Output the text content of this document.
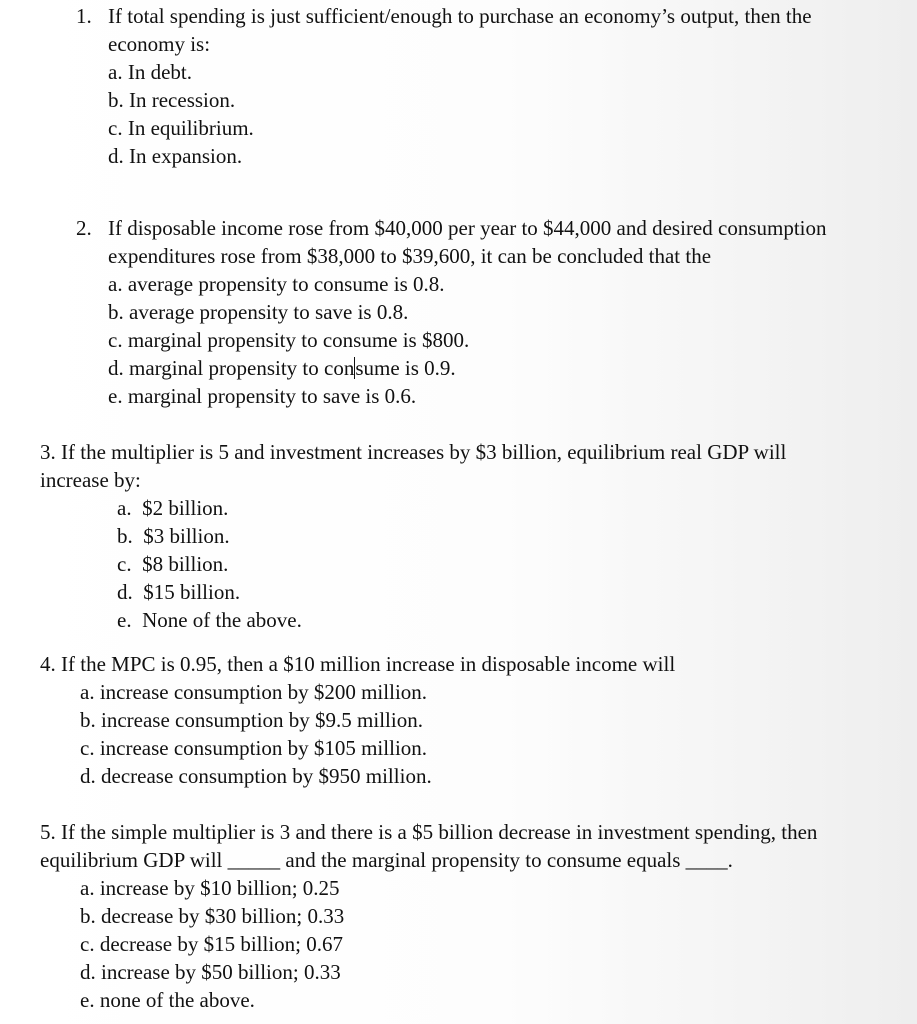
1. If total spending is just sufficient/enough to purchase an economy’s output, then the
economy is:
a. In debt.
b. In recession.
c. In equilibrium.
d. In expansion.
2. If disposable income rose from $40,000 per year to $44,000 and desired consumption
expenditures rose from $38,000 to $39,600, it can be concluded that the
a. average propensity to consume is 0.8.
b. average propensity to save is 0.8.
c. marginal propensity to consume is $800.
d. marginal propensity to consume is 0.9.
e. marginal propensity to save is 0.6.
3. If the multiplier is 5 and investment increases by $3 billion, equilibrium real GDP will
increase by:
a.  $2 billion.
b.  $3 billion.
c.  $8 billion.
d.  $15 billion.
e.  None of the above.
4. If the MPC is 0.95, then a $10 million increase in disposable income will
a. increase consumption by $200 million.
b. increase consumption by $9.5 million.
c. increase consumption by $105 million.
d. decrease consumption by $950 million.
5. If the simple multiplier is 3 and there is a $5 billion decrease in investment spending, then
equilibrium GDP will _____ and the marginal propensity to consume equals ____.
a. increase by $10 billion; 0.25
b. decrease by $30 billion; 0.33
c. decrease by $15 billion; 0.67
d. increase by $50 billion; 0.33
e. none of the above.
